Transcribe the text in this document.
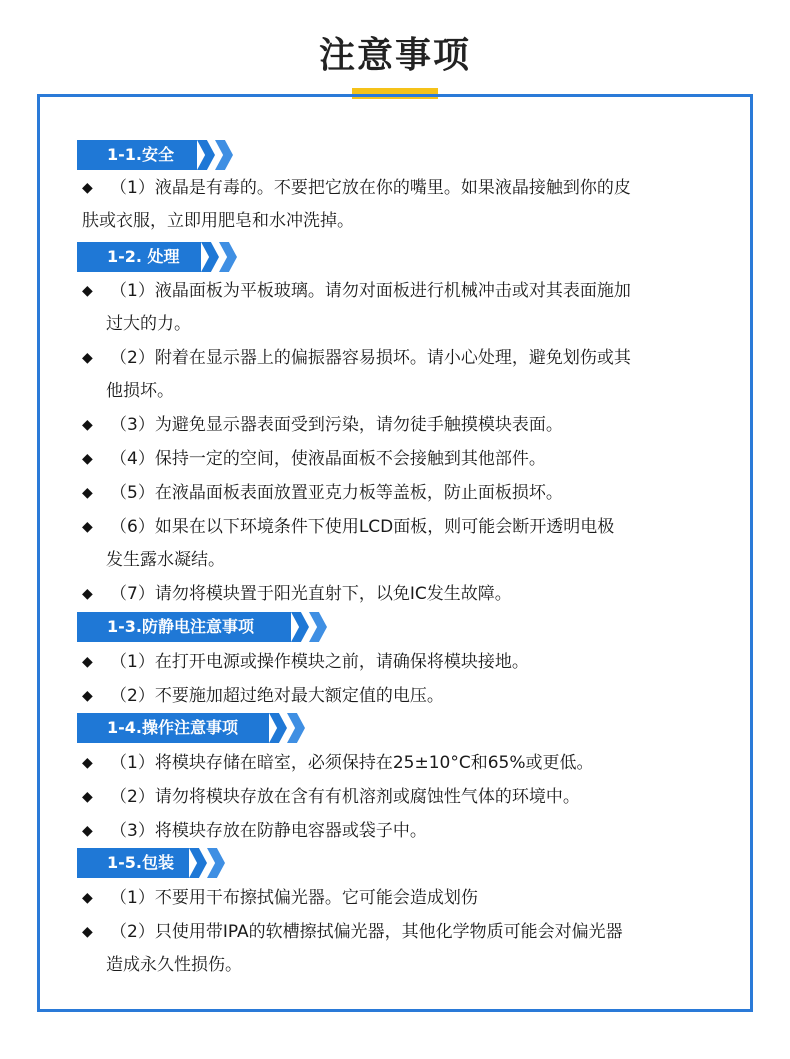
注意事项
1-1.安全
◆ （1）液晶是有毒的。不要把它放在你的嘴里。如果液晶接触到你的皮
肤或衣服，立即用肥皂和水冲洗掉。
1-2. 处理
◆ （1）液晶面板为平板玻璃。请勿对面板进行机械冲击或对其表面施加
过大的力。
◆ （2）附着在显示器上的偏振器容易损坏。请小心处理，避免划伤或其
他损坏。
◆ （3）为避免显示器表面受到污染，请勿徒手触摸模块表面。
◆ （4）保持一定的空间，使液晶面板不会接触到其他部件。
◆ （5）在液晶面板表面放置亚克力板等盖板，防止面板损坏。
◆ （6）如果在以下环境条件下使用LCD面板，则可能会断开透明电极
发生露水凝结。
◆ （7）请勿将模块置于阳光直射下，以免IC发生故障。
1-3.防静电注意事项
◆ （1）在打开电源或操作模块之前，请确保将模块接地。
◆ （2）不要施加超过绝对最大额定值的电压。
1-4.操作注意事项
◆ （1）将模块存储在暗室，必须保持在25±10°C和65%或更低。
◆ （2）请勿将模块存放在含有有机溶剂或腐蚀性气体的环境中。
◆ （3）将模块存放在防静电容器或袋子中。
1-5.包装
◆ （1）不要用干布擦拭偏光器。它可能会造成划伤
◆ （2）只使用带IPA的软槽擦拭偏光器，其他化学物质可能会对偏光器
造成永久性损伤。
